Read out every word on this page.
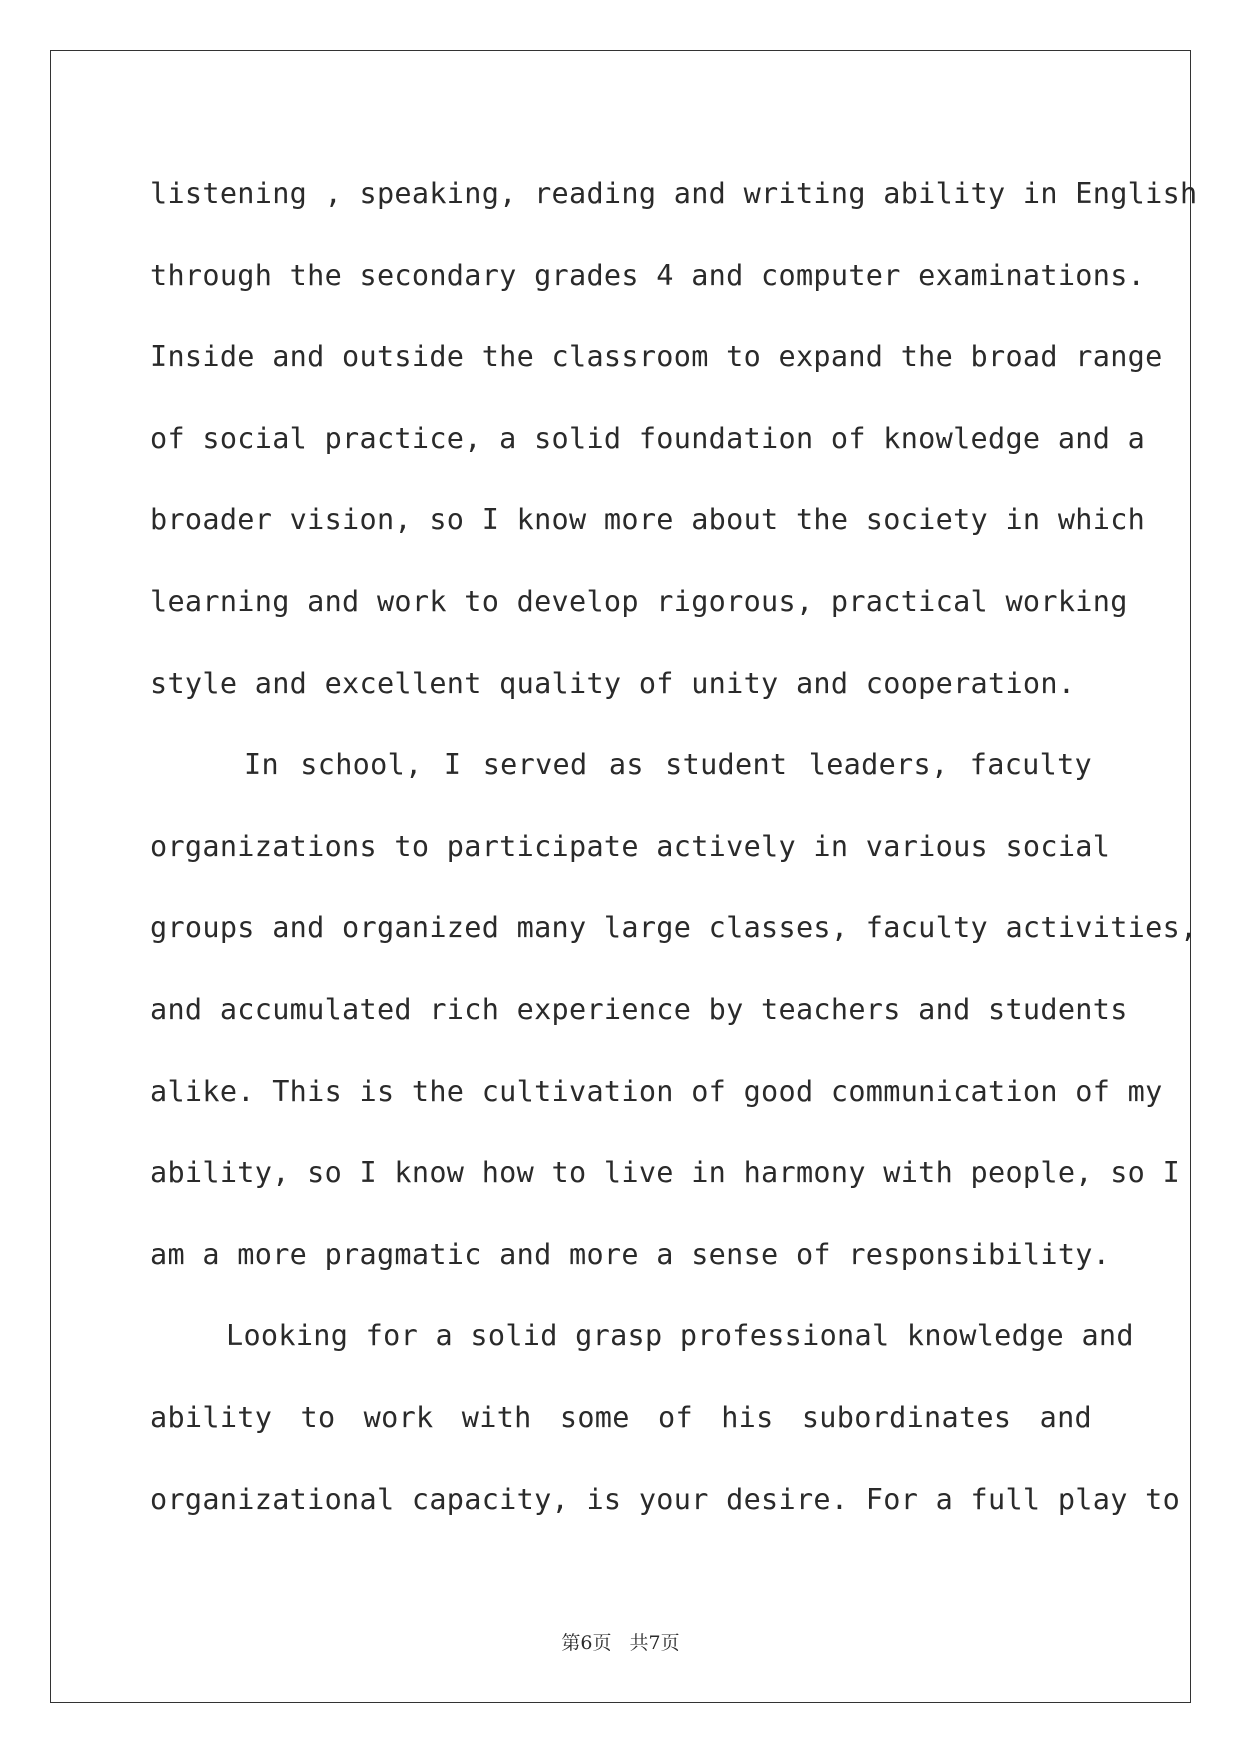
listening , speaking, reading and writing ability in English
through the secondary grades 4 and computer examinations.
Inside and outside the classroom to expand the broad range
of social practice, a solid foundation of knowledge and a
broader vision, so I know more about the society in which
learning and work to develop rigorous, practical working
style and excellent quality of unity and cooperation.
In school, I served as student leaders, faculty
organizations to participate actively in various social
groups and organized many large classes, faculty activities,
and accumulated rich experience by teachers and students
alike. This is the cultivation of good communication of my
ability, so I know how to live in harmony with people, so I
am a more pragmatic and more a sense of responsibility.
Looking for a solid grasp professional knowledge and
ability to work with some of his subordinates and
organizational capacity, is your desire. For a full play to
第6页 共7页
